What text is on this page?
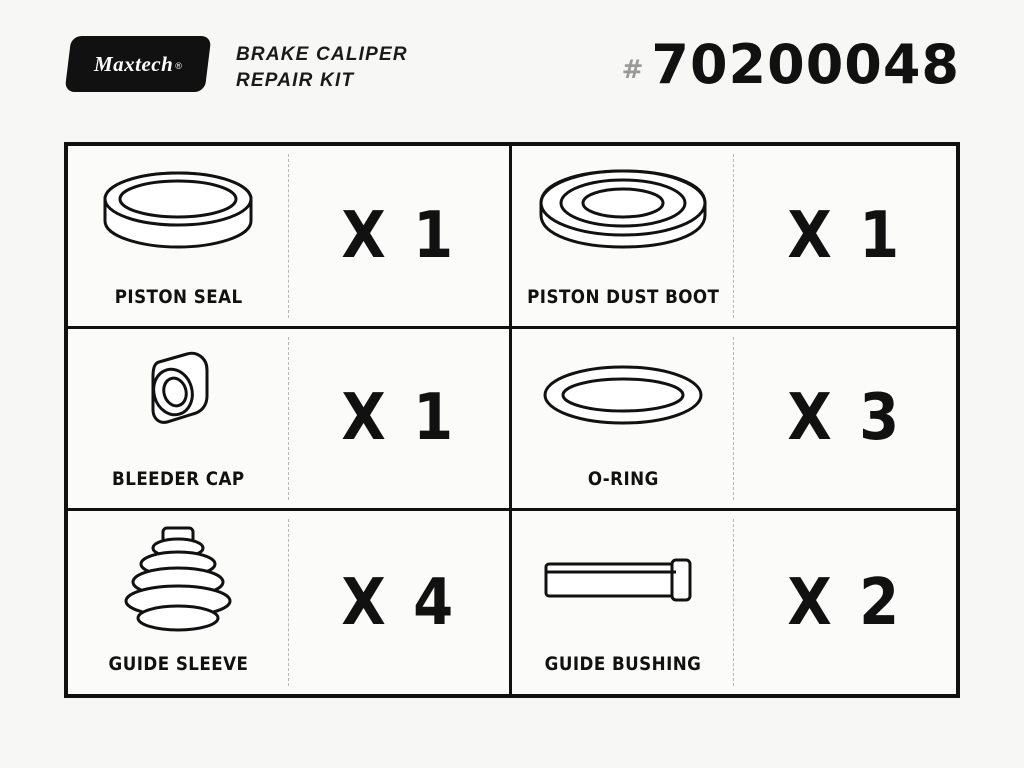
Maxtech ®
BRAKE CALIPER
REPAIR KIT	# 70200048
PISTON SEAL
X 1
PISTON DUST BOOT
X 1
BLEEDER CAP
X 1
O-RING
X 3
GUIDE SLEEVE
X 4
GUIDE BUSHING
X 2
